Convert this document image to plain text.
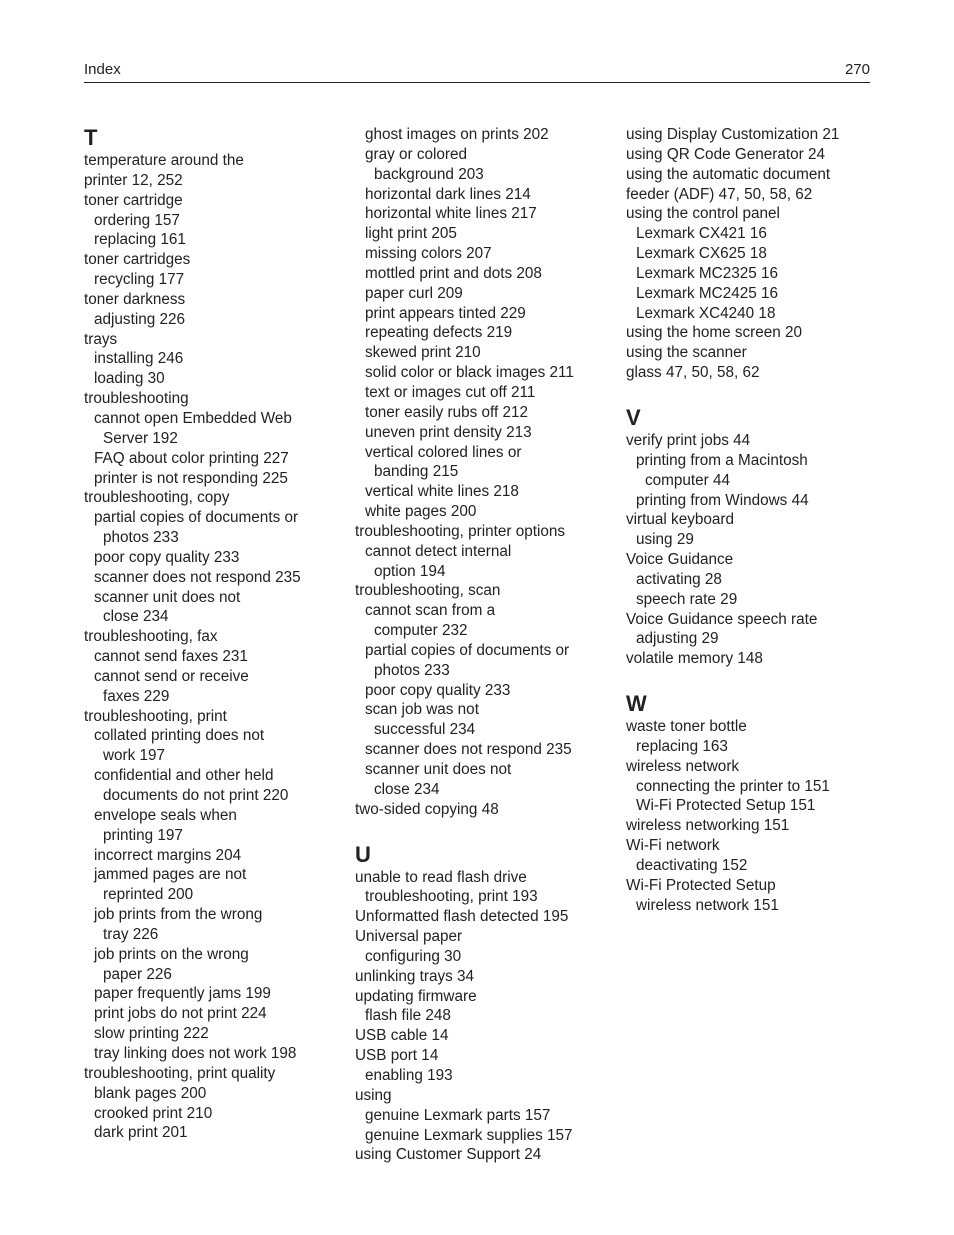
Index	270
T
temperature around the
printer 12, 252
toner cartridge
ordering 157
replacing 161
toner cartridges
recycling 177
toner darkness
adjusting 226
trays
installing 246
loading 30
troubleshooting
cannot open Embedded Web
Server 192
FAQ about color printing 227
printer is not responding 225
troubleshooting, copy
partial copies of documents or
photos 233
poor copy quality 233
scanner does not respond 235
scanner unit does not
close 234
troubleshooting, fax
cannot send faxes 231
cannot send or receive
faxes 229
troubleshooting, print
collated printing does not
work 197
confidential and other held
documents do not print 220
envelope seals when
printing 197
incorrect margins 204
jammed pages are not
reprinted 200
job prints from the wrong
tray 226
job prints on the wrong
paper 226
paper frequently jams 199
print jobs do not print 224
slow printing 222
tray linking does not work 198
troubleshooting, print quality
blank pages 200
crooked print 210
dark print 201
ghost images on prints 202
gray or colored
background 203
horizontal dark lines 214
horizontal white lines 217
light print 205
missing colors 207
mottled print and dots 208
paper curl 209
print appears tinted 229
repeating defects 219
skewed print 210
solid color or black images 211
text or images cut off 211
toner easily rubs off 212
uneven print density 213
vertical colored lines or
banding 215
vertical white lines 218
white pages 200
troubleshooting, printer options
cannot detect internal
option 194
troubleshooting, scan
cannot scan from a
computer 232
partial copies of documents or
photos 233
poor copy quality 233
scan job was not
successful 234
scanner does not respond 235
scanner unit does not
close 234
two-sided copying 48
U
unable to read flash drive
troubleshooting, print 193
Unformatted flash detected 195
Universal paper
configuring 30
unlinking trays 34
updating firmware
flash file 248
USB cable 14
USB port 14
enabling 193
using
genuine Lexmark parts 157
genuine Lexmark supplies 157
using Customer Support 24
using Display Customization 21
using QR Code Generator 24
using the automatic document
feeder (ADF) 47, 50, 58, 62
using the control panel
Lexmark CX421 16
Lexmark CX625 18
Lexmark MC2325 16
Lexmark MC2425 16
Lexmark XC4240 18
using the home screen 20
using the scanner
glass 47, 50, 58, 62
V
verify print jobs 44
printing from a Macintosh
computer 44
printing from Windows 44
virtual keyboard
using 29
Voice Guidance
activating 28
speech rate 29
Voice Guidance speech rate
adjusting 29
volatile memory 148
W
waste toner bottle
replacing 163
wireless network
connecting the printer to 151
Wi‑Fi Protected Setup 151
wireless networking 151
Wi‑Fi network
deactivating 152
Wi‑Fi Protected Setup
wireless network 151
